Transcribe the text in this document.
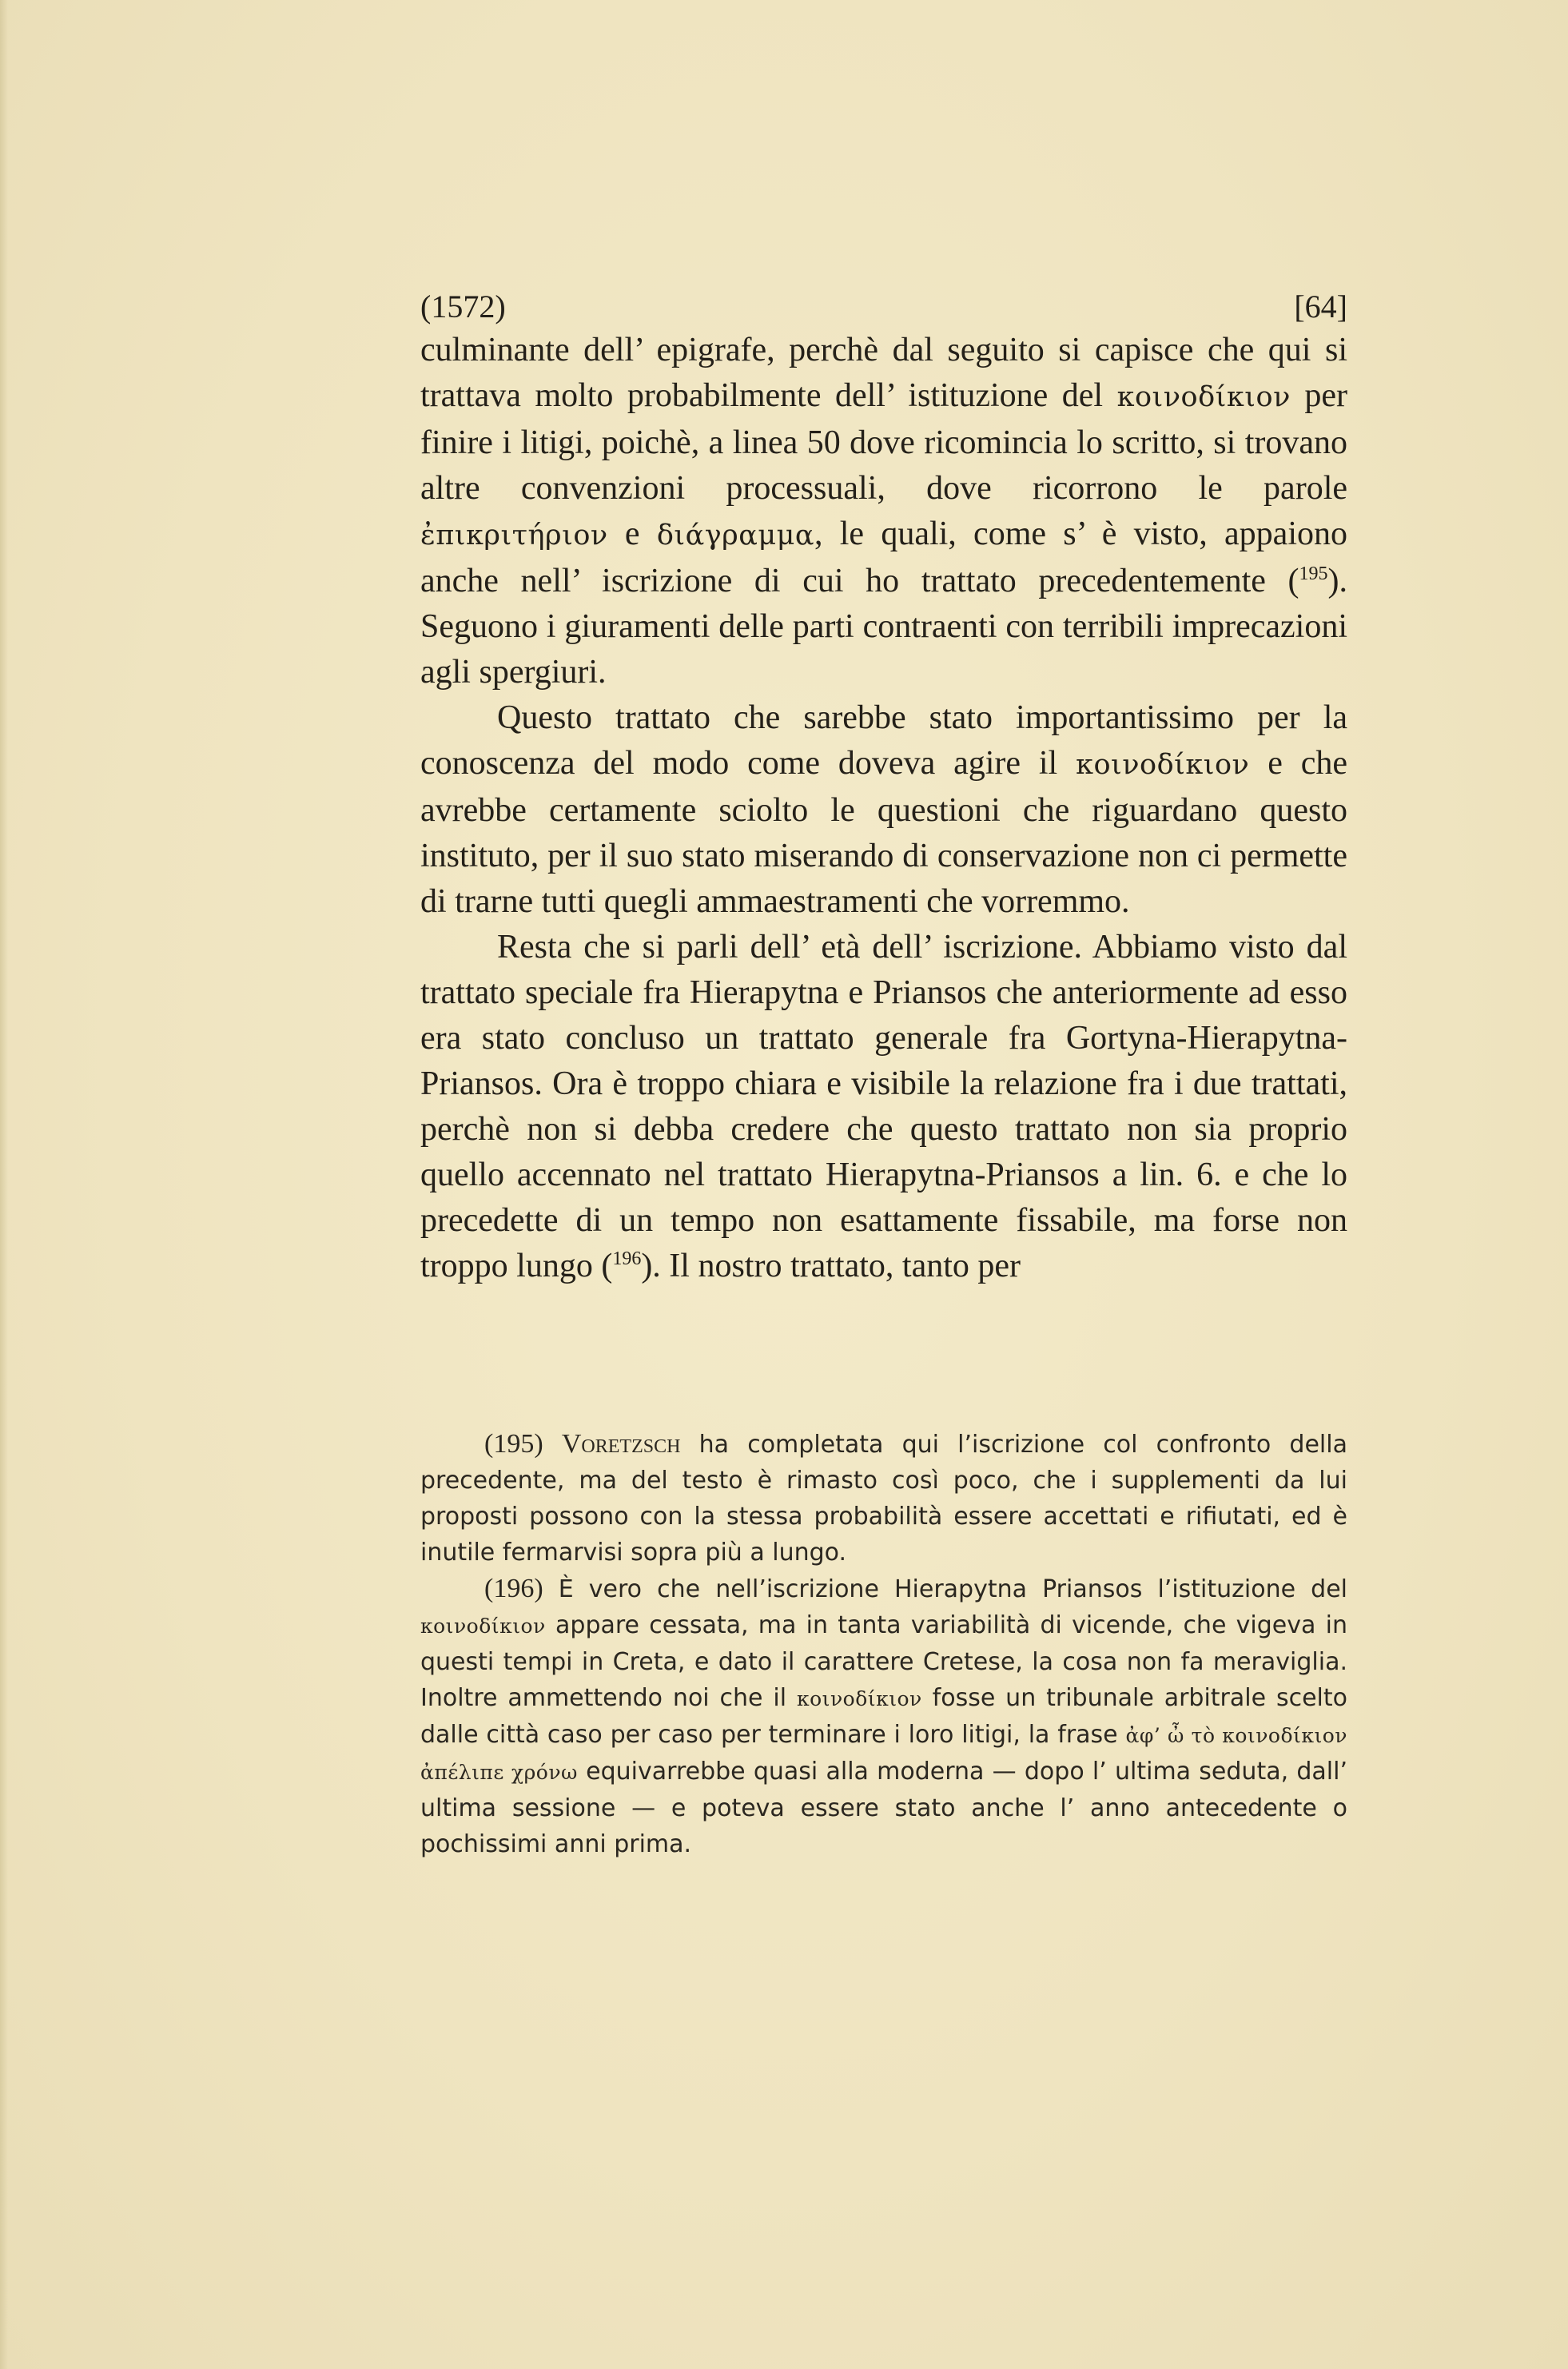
(1572)	[64]

culminante dell’ epigrafe, perchè dal seguito si capisce che qui si trattava molto probabilmente dell’ istituzione del κοινοδίκιον per finire i litigi, poichè, a linea 50 dove ricomincia lo scritto, si trovano altre convenzioni processuali, dove ricorrono le parole ἐπικριτήριον e διάγραμμα, le quali, come s’ è visto, appaiono anche nell’ iscrizione di cui ho trattato precedentemente ($^{195}$). Seguono i giuramenti delle parti contraenti con terribili imprecazioni agli spergiuri.

Questo trattato che sarebbe stato importantissimo per la conoscenza del modo come doveva agire il κοινοδίκιον e che avrebbe certamente sciolto le questioni che riguardano questo instituto, per il suo stato miserando di conservazione non ci permette di trarne tutti quegli ammaestramenti che vorremmo.

Resta che si parli dell’ età dell’ iscrizione. Abbiamo visto dal trattato speciale fra Hierapytna e Priansos che anteriormente ad esso era stato concluso un trattato generale fra Gortyna-Hierapytna-Priansos. Ora è troppo chiara e visibile la relazione fra i due trattati, perchè non si debba credere che questo trattato non sia proprio quello accennato nel trattato Hierapytna-Priansos a lin. 6. e che lo precedette di un tempo non esattamente fissabile, ma forse non troppo lungo ($^{196}$). Il nostro trattato, tanto per

(195) Voretzsch ha completata qui l’iscrizione col confronto della precedente, ma del testo è rimasto così poco, che i supplementi da lui proposti possono con la stessa probabilità essere accettati e rifiutati, ed è inutile fermarvisi sopra più a lungo.

(196) È vero che nell’iscrizione Hierapytna Priansos l’istituzione del κοινοδίκιον appare cessata, ma in tanta variabilità di vicende, che vigeva in questi tempi in Creta, e dato il carattere Cretese, la cosa non fa meraviglia. Inoltre ammettendo noi che il κοινοδίκιον fosse un tribunale arbitrale scelto dalle città caso per caso per terminare i loro litigi, la frase ἀφ’ ὦ τὸ κοινοδίκιον ἀπέλιπε χρόνω equivarrebbe quasi alla moderna — dopo l’ ultima seduta, dall’ ultima sessione — e poteva essere stato anche l’ anno antecedente o pochissimi anni prima.
